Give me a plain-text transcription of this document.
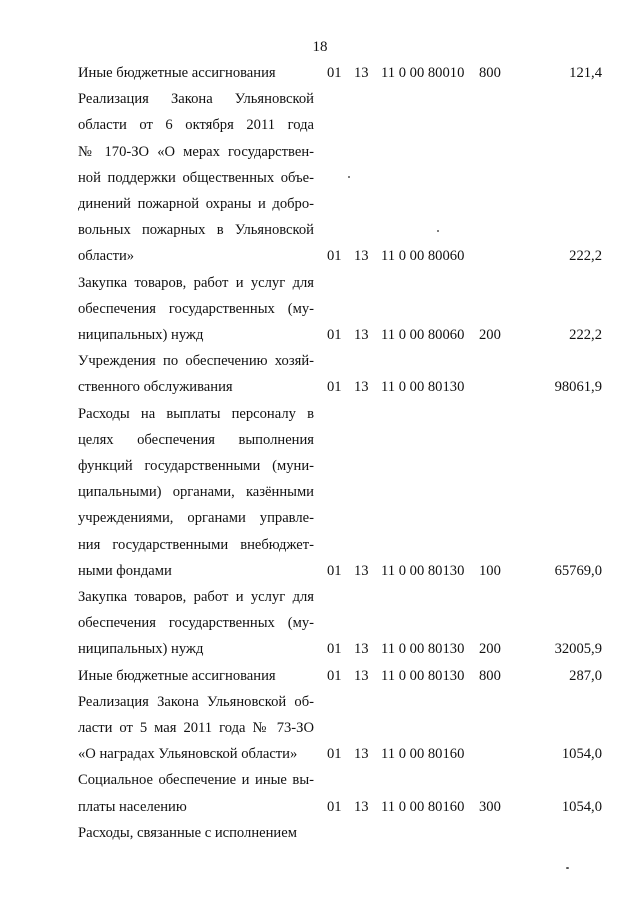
18
Иные бюджетные ассигнования	01 13 11 0 00 80010 800	121,4
Реализация Закона Ульяновской
области от 6 октября 2011 года
№ 170-ЗО «О мерах государствен-
ной поддержки общественных объе-
динений пожарной охраны и добро-
вольных пожарных в Ульяновской
области»	01 13 11 0 00 80060	222,2
Закупка товаров, работ и услуг для
обеспечения государственных (му-
ниципальных) нужд	01 13 11 0 00 80060 200	222,2
Учреждения по обеспечению хозяй-
ственного обслуживания	01 13 11 0 00 80130	98061,9
Расходы на выплаты персоналу в
целях обеспечения выполнения
функций государственными (муни-
ципальными) органами, казёнными
учреждениями, органами управле-
ния государственными внебюджет-
ными фондами	01 13 11 0 00 80130 100	65769,0
Закупка товаров, работ и услуг для
обеспечения государственных (му-
ниципальных) нужд	01 13 11 0 00 80130 200	32005,9
Иные бюджетные ассигнования	01 13 11 0 00 80130 800	287,0
Реализация Закона Ульяновской об-
ласти от 5 мая 2011 года № 73-ЗО
«О наградах Ульяновской области»	01 13 11 0 00 80160	1054,0
Социальное обеспечение и иные вы-
платы населению	01 13 11 0 00 80160 300	1054,0
Расходы, связанные с исполнением
